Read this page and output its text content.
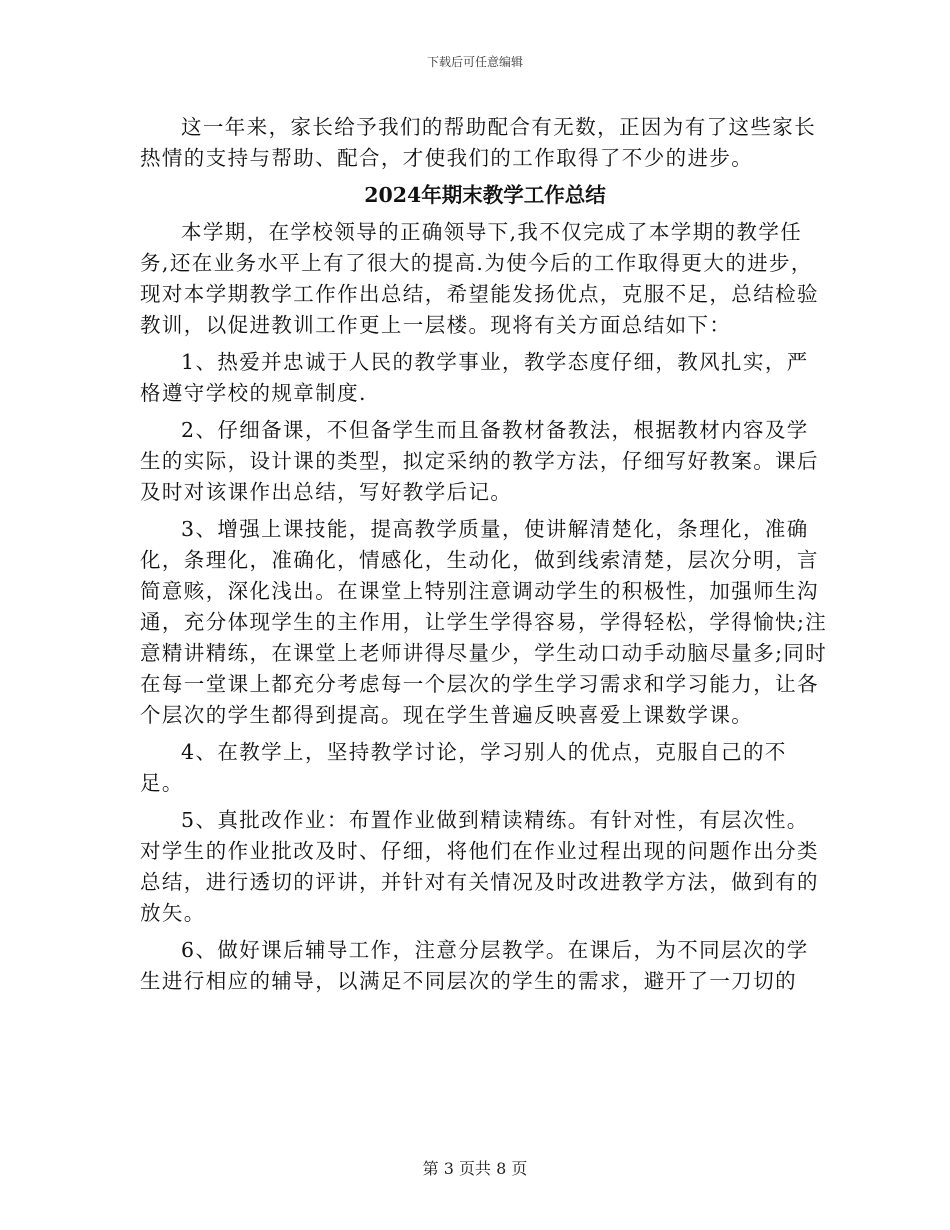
下载后可任意编辑

这一年来，家长给予我们的帮助配合有无数，正因为有了这些家长热情的支持与帮助、配合，才使我们的工作取得了不少的进步。

2024年期末教学工作总结

本学期，在学校领导的正确领导下,我不仅完成了本学期的教学任务,还在业务水平上有了很大的提高.为使今后的工作取得更大的进步，现对本学期教学工作作出总结，希望能发扬优点，克服不足，总结检验教训，以促进教训工作更上一层楼。现将有关方面总结如下：

1、热爱并忠诚于人民的教学事业，教学态度仔细，教风扎实，严格遵守学校的规章制度.

2、仔细备课，不但备学生而且备教材备教法，根据教材内容及学生的实际，设计课的类型，拟定采纳的教学方法，仔细写好教案。课后及时对该课作出总结，写好教学后记。

3、增强上课技能，提高教学质量，使讲解清楚化，条理化，准确化，条理化，准确化，情感化，生动化，做到线索清楚，层次分明，言简意赅，深化浅出。在课堂上特别注意调动学生的积极性，加强师生沟通，充分体现学生的主作用，让学生学得容易，学得轻松，学得愉快;注意精讲精练，在课堂上老师讲得尽量少，学生动口动手动脑尽量多;同时在每一堂课上都充分考虑每一个层次的学生学习需求和学习能力，让各个层次的学生都得到提高。现在学生普遍反映喜爱上课数学课。

4、在教学上，坚持教学讨论，学习别人的优点，克服自己的不足。

5、真批改作业：布置作业做到精读精练。有针对性，有层次性。对学生的作业批改及时、仔细，将他们在作业过程出现的问题作出分类总结，进行透切的评讲，并针对有关情况及时改进教学方法，做到有的放矢。

6、做好课后辅导工作，注意分层教学。在课后，为不同层次的学生进行相应的辅导，以满足不同层次的学生的需求，避开了一刀切的

第 3 页共 8 页
